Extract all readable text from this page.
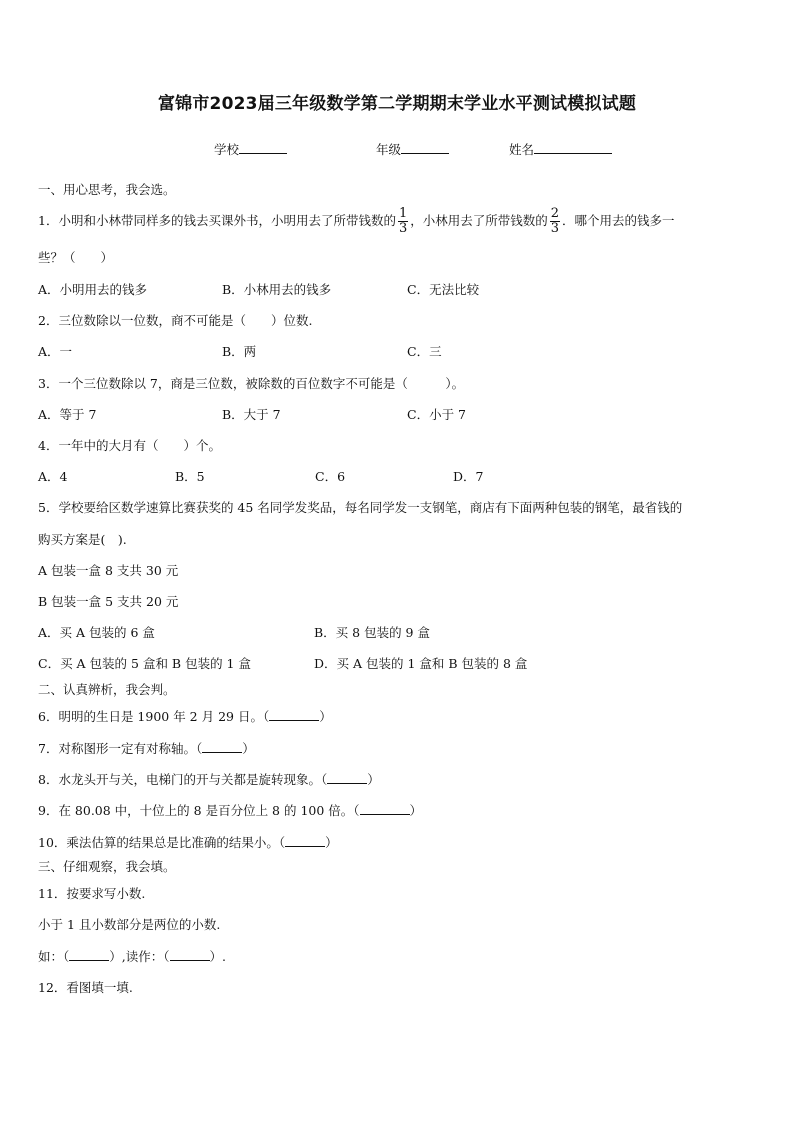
富锦市2023届三年级数学第二学期期末学业水平测试模拟试题
学校	年级	姓名
一、用心思考，我会选。
1．小明和小林带同样多的钱去买课外书，小明用去了所带钱数的 $\frac{1}{3}$ ，小林用去了所带钱数的 $\frac{2}{3}$ ．哪个用去的钱多一
些？（　　）
A．小明用去的钱多	B．小林用去的钱多	C．无法比较
2．三位数除以一位数，商不可能是（　　）位数.
A．一	B．两	C．三
3．一个三位数除以 7，商是三位数，被除数的百位数字不可能是（　　　）。
A．等于 7	B．大于 7	C．小于 7
4．一年中的大月有（　　）个。
A．4	B．5	C．6	D．7
5．学校要给区数学速算比赛获奖的 45 名同学发奖品，每名同学发一支钢笔，商店有下面两种包装的钢笔，最省钱的
购买方案是(　).
A 包装一盒 8 支共 30 元
B 包装一盒 5 支共 20 元
A．买 A 包装的 6 盒	B．买 8 包装的 9 盒
C．买 A 包装的 5 盒和 B 包装的 1 盒	D．买 A 包装的 1 盒和 B 包装的 8 盒
二、认真辨析，我会判。
6．明明的生日是 1900 年 2 月 29 日。（	）
7．对称图形一定有对称轴。（	）
8．水龙头开与关，电梯门的开与关都是旋转现象。（	）
9．在 80.08 中，十位上的 8 是百分位上 8 的 100 倍。（	）
10．乘法估算的结果总是比准确的结果小。（	）
三、仔细观察，我会填。
11．按要求写小数.
小于 1 且小数部分是两位的小数.
如：（	）,读作：（	）.
12．看图填一填.
